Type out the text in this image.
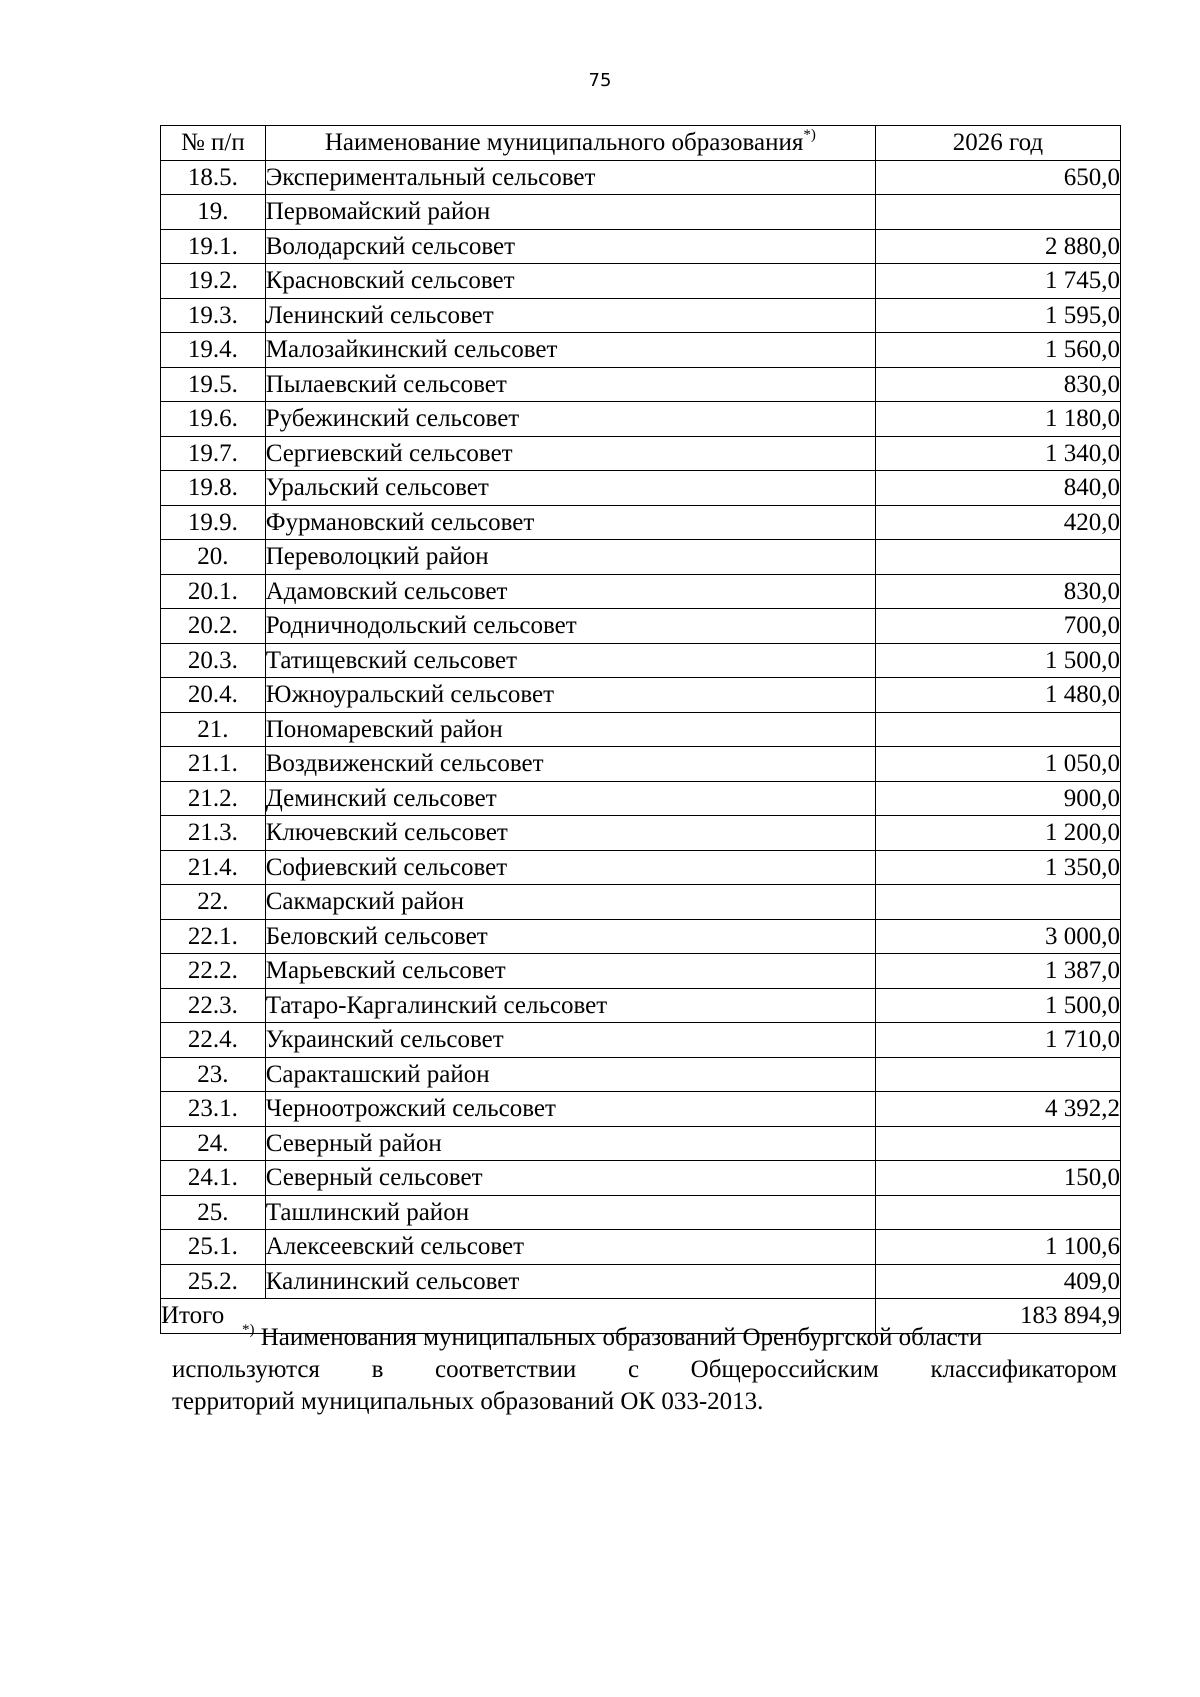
75
№ п/п	Наименование муниципального образования*)	2026 год
18.5.	Экспериментальный сельсовет	650,0
19.	Первомайский район	
19.1.	Володарский сельсовет	2 880,0
19.2.	Красновский сельсовет	1 745,0
19.3.	Ленинский сельсовет	1 595,0
19.4.	Малозайкинский сельсовет	1 560,0
19.5.	Пылаевский сельсовет	830,0
19.6.	Рубежинский сельсовет	1 180,0
19.7.	Сергиевский сельсовет	1 340,0
19.8.	Уральский сельсовет	840,0
19.9.	Фурмановский сельсовет	420,0
20.	Переволоцкий район	
20.1.	Адамовский сельсовет	830,0
20.2.	Родничнодольский сельсовет	700,0
20.3.	Татищевский сельсовет	1 500,0
20.4.	Южноуральский сельсовет	1 480,0
21.	Пономаревский район	
21.1.	Воздвиженский сельсовет	1 050,0
21.2.	Деминский сельсовет	900,0
21.3.	Ключевский сельсовет	1 200,0
21.4.	Софиевский сельсовет	1 350,0
22.	Сакмарский район	
22.1.	Беловский сельсовет	3 000,0
22.2.	Марьевский сельсовет	1 387,0
22.3.	Татаро-Каргалинский сельсовет	1 500,0
22.4.	Украинский сельсовет	1 710,0
23.	Саракташский район	
23.1.	Черноотрожский сельсовет	4 392,2
24.	Северный район	
24.1.	Северный сельсовет	150,0
25.	Ташлинский район	
25.1.	Алексеевский сельсовет	1 100,6
25.2.	Калининский сельсовет	409,0
Итого		183 894,9
*) Наименования муниципальных образований Оренбургской области
используются в соответствии с Общероссийским классификатором
территорий муниципальных образований ОК 033-2013.
